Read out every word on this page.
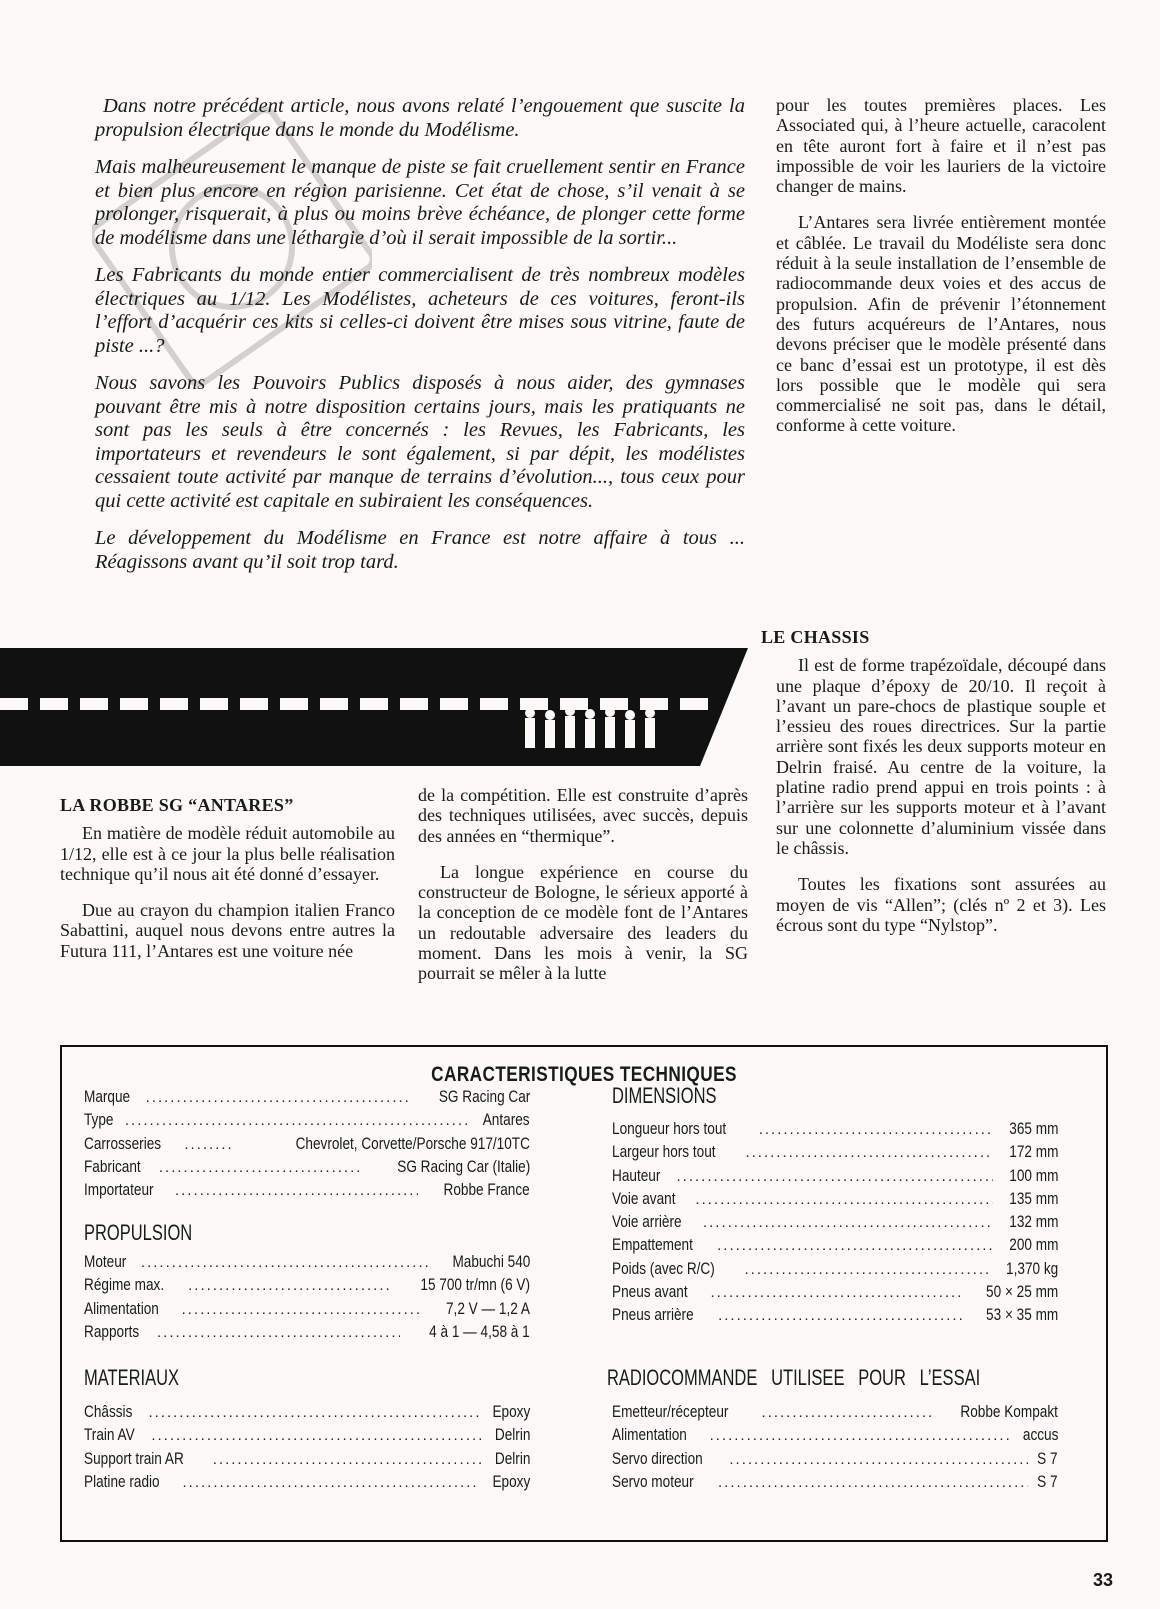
Dans notre précédent article, nous avons relaté l’engouement que suscite la propulsion électrique dans le monde du Modélisme.

Mais malheureusement le manque de piste se fait cruellement sentir en France et bien plus encore en région parisienne. Cet état de chose, s’il venait à se prolonger, risquerait, à plus ou moins brève échéance, de plonger cette forme de modélisme dans une léthargie d’où il serait impossible de la sortir...

Les Fabricants du monde entier commercialisent de très nombreux modèles électriques au 1/12. Les Modélistes, acheteurs de ces voitures, feront-ils l’effort d’acquérir ces kits si celles-ci doivent être mises sous vitrine, faute de piste ...?

Nous savons les Pouvoirs Publics disposés à nous aider, des gymnases pouvant être mis à notre disposition certains jours, mais les pratiquants ne sont pas les seuls à être concernés : les Revues, les Fabricants, les importateurs et revendeurs le sont également, si par dépit, les modélistes cessaient toute activité par manque de terrains d’évolution..., tous ceux pour qui cette activité est capitale en subiraient les conséquences.

Le développement du Modélisme en France est notre affaire à tous ... Réagissons avant qu’il soit trop tard.

pour les toutes premières places. Les Associated qui, à l’heure actuelle, caracolent en tête auront fort à faire et il n’est pas impossible de voir les lauriers de la victoire changer de mains.

L’Antares sera livrée entièrement montée et câblée. Le travail du Modéliste sera donc réduit à la seule installation de l’ensemble de radiocommande deux voies et des accus de propulsion. Afin de prévenir l’étonnement des futurs acquéreurs de l’Antares, nous devons préciser que le modèle présenté dans ce banc d’essai est un prototype, il est dès lors possible que le modèle qui sera commercialisé ne soit pas, dans le détail, conforme à cette voiture.

LE CHASSIS

Il est de forme trapézoïdale, découpé dans une plaque d’époxy de 20/10. Il reçoit à l’avant un pare-chocs de plastique souple et l’essieu des roues directrices. Sur la partie arrière sont fixés les deux supports moteur en Delrin fraisé. Au centre de la voiture, la platine radio prend appui en trois points : à l’arrière sur les supports moteur et à l’avant sur une colonnette d’aluminium vissée dans le châssis.

Toutes les fixations sont assurées au moyen de vis “Allen”; (clés nº 2 et 3). Les écrous sont du type “Nylstop”.

LA ROBBE SG “ANTARES”

En matière de modèle réduit automobile au 1/12, elle est à ce jour la plus belle réalisation technique qu’il nous ait été donné d’essayer.

Due au crayon du champion italien Franco Sabattini, auquel nous devons entre autres la Futura 111, l’Antares est une voiture née

de la compétition. Elle est construite d’après des techniques utilisées, avec succès, depuis des années en “thermique”.

La longue expérience en course du constructeur de Bologne, le sérieux apporté à la conception de ce modèle font de l’Antares un redoutable adversaire des leaders du moment. Dans les mois à venir, la SG pourrait se mêler à la lutte

CARACTERISTIQUES TECHNIQUES
Marque .....	SG Racing Car
Type .....	Antares
Carrosseries .....	Chevrolet, Corvette/Porsche 917/10TC
Fabricant .....	SG Racing Car (Italie)
Importateur .....	Robbe France
PROPULSION
Moteur .....	Mabuchi 540
Régime max. .....	15 700 tr/mn (6 V)
Alimentation .....	7,2 V — 1,2 A
Rapports .....	4 à 1 — 4,58 à 1
MATERIAUX
Châssis .....	Epoxy
Train AV .....	Delrin
Support train AR .....	Delrin
Platine radio .....	Epoxy
DIMENSIONS
Longueur hors tout .....	365 mm
Largeur hors tout .....	172 mm
Hauteur .....	100 mm
Voie avant .....	135 mm
Voie arrière .....	132 mm
Empattement .....	200 mm
Poids (avec R/C) .....	1,370 kg
Pneus avant .....	50 × 25 mm
Pneus arrière .....	53 × 35 mm
RADIOCOMMANDE   UTILISEE   POUR   L’ESSAI
Emetteur/récepteur .....	Robbe Kompakt
Alimentation .....	accus
Servo direction .....	S 7
Servo moteur .....	S 7
33
